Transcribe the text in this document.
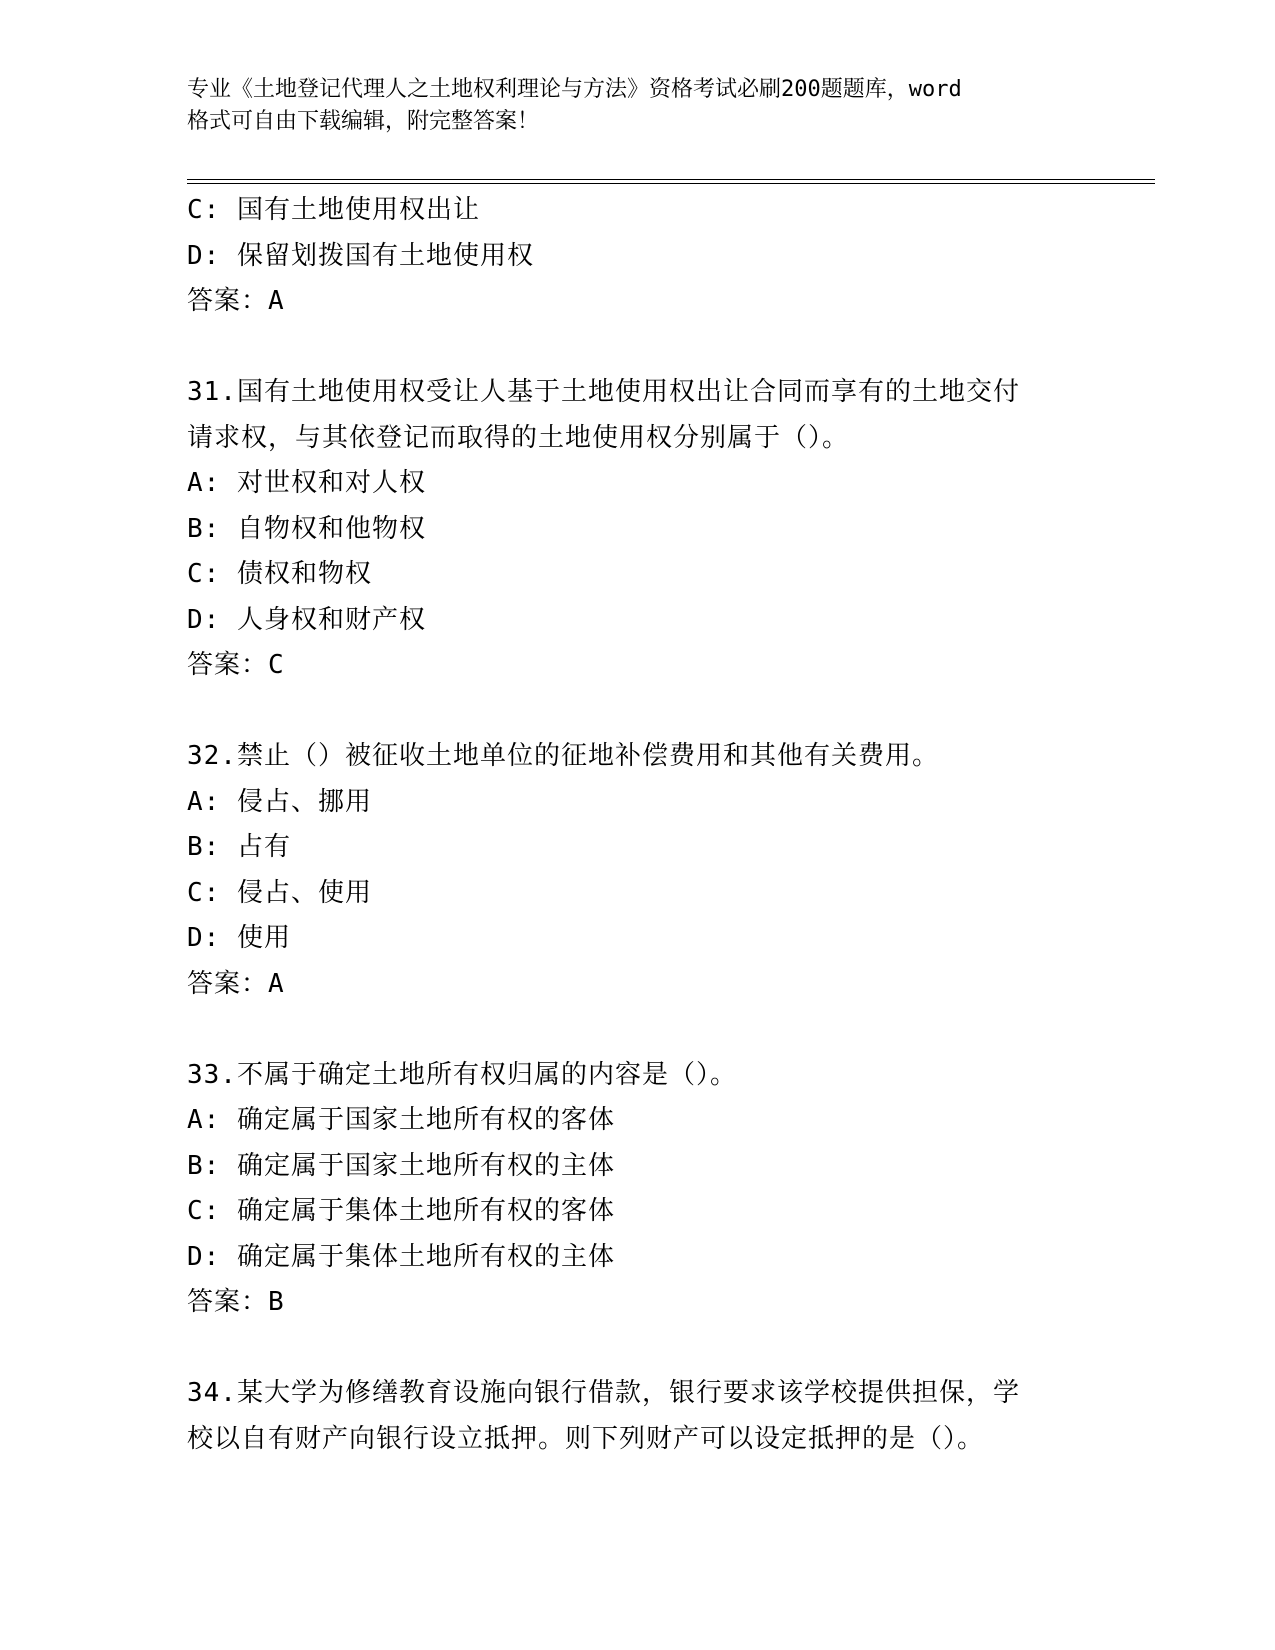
专业《土地登记代理人之土地权利理论与方法》资格考试必刷200题题库，word
格式可自由下载编辑，附完整答案！
C: 国有土地使用权出让
D: 保留划拨国有土地使用权
答案：A
31.国有土地使用权受让人基于土地使用权出让合同而享有的土地交付
请求权，与其依登记而取得的土地使用权分别属于（）。
A: 对世权和对人权
B: 自物权和他物权
C: 债权和物权
D: 人身权和财产权
答案：C
32.禁止（）被征收土地单位的征地补偿费用和其他有关费用。
A: 侵占、挪用
B: 占有
C: 侵占、使用
D: 使用
答案：A
33.不属于确定土地所有权归属的内容是（）。
A: 确定属于国家土地所有权的客体
B: 确定属于国家土地所有权的主体
C: 确定属于集体土地所有权的客体
D: 确定属于集体土地所有权的主体
答案：B
34.某大学为修缮教育设施向银行借款，银行要求该学校提供担保，学
校以自有财产向银行设立抵押。则下列财产可以设定抵押的是（）。
